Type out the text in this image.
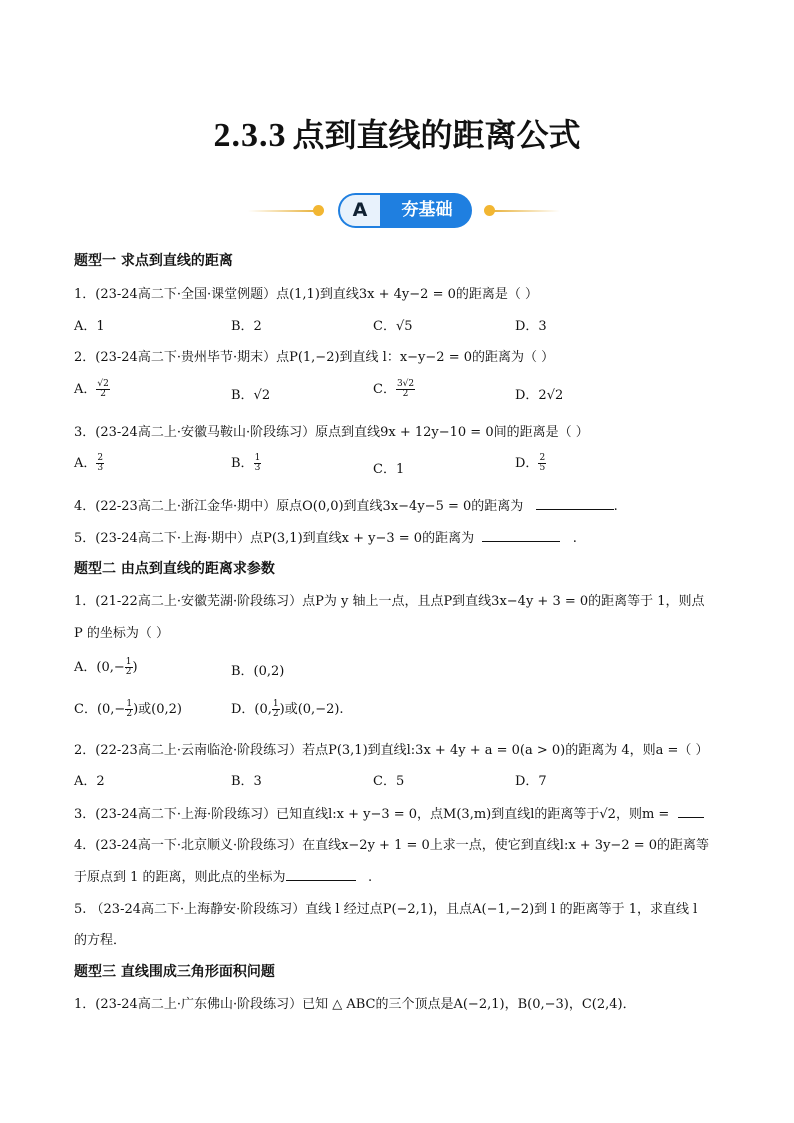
2.3.3 点到直线的距离公式
A	夯基础
题型一 求点到直线的距离
1．(23-24高二下·全国·课堂例题）点(1,1)到直线3x + 4y−2 = 0的距离是（ ）
A．1	B．2	C．√5	D．3
2．(23-24高二下·贵州毕节·期末）点P(1,−2)到直线 l：x−y−2 = 0的距离为（ ）
A． $\frac{√2}{2}$	B．√2	C． $\frac{3√2}{2}$	D．2√2
3．(23-24高二上·安徽马鞍山·阶段练习）原点到直线9x + 12y−10 = 0间的距离是（ ）
A． $\frac{2}{3}$	B． $\frac{1}{3}$	C．1	D． $\frac{2}{5}$
4．(22-23高二上·浙江金华·期中）原点O(0,0)到直线3x−4y−5 = 0的距离为	.
5．(23-24高二下·上海·期中）点P(3,1)到直线x + y−3 = 0的距离为	.
题型二 由点到直线的距离求参数
1．(21-22高二上·安徽芜湖·阶段练习）点P为 y 轴上一点，且点P到直线3x−4y + 3 = 0的距离等于 1，则点
P 的坐标为（ ）
A．($0,- \frac{1}{2}$ )	B．(0,2)
C．($0,- \frac{1}{2}$ )或(0,2)	D．(0, $\frac{1}{2}$ )或(0,−2).
2．(22-23高二上·云南临沧·阶段练习）若点P(3,1)到直线l:3x + 4y + a = 0(a > 0)的距离为 4，则a =（ ）
A．2	B．3	C．5	D．7
3．(23-24高二下·上海·阶段练习）已知直线l:x + y−3 = 0，点M(3,m)到直线l的距离等于√2，则m =
4．(23-24高一下·北京顺义·阶段练习）在直线x−2y + 1 = 0上求一点，使它到直线l:x + 3y−2 = 0的距离等
于原点到 1 的距离，则此点的坐标为	.
5. （23-24高二下·上海静安·阶段练习）直线 l 经过点P(−2,1)，且点A(−1,−2)到 l 的距离等于 1，求直线 l
的方程．
题型三 直线围成三角形面积问题
1．(23-24高二上·广东佛山·阶段练习）已知 △ ABC的三个顶点是A(−2,1)，B(0,−3)，C(2,4)．
